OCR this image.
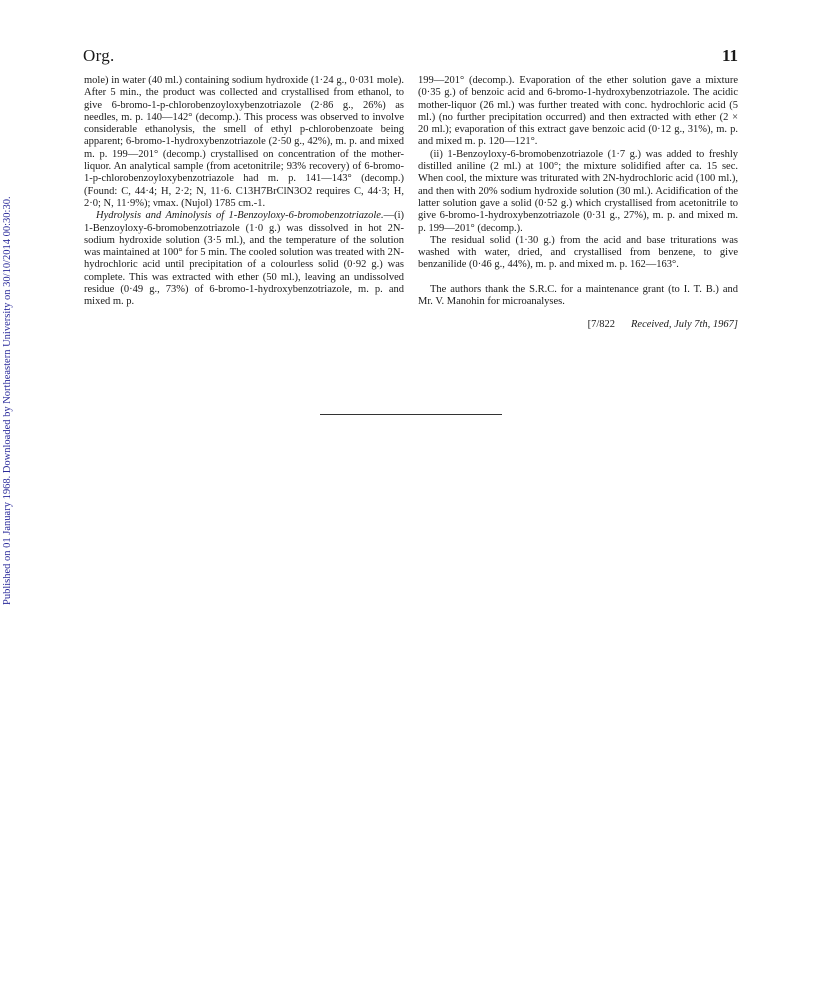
Published on 01 January 1968. Downloaded by Northeastern University on 30/10/2014 00:30:30.
Org.	11

mole) in water (40 ml.) containing sodium hydroxide (1·24 g., 0·031 mole). After 5 min., the product was collected and crystallised from ethanol, to give 6-bromo-1-p-chlorobenzoyloxybenzotriazole (2·86 g., 26%) as needles, m. p. 140—142° (decomp.). This process was observed to involve considerable ethanolysis, the smell of ethyl p-chlorobenzoate being apparent; 6-bromo-1-hydroxybenzotriazole (2·50 g., 42%), m. p. and mixed m. p. 199—201° (decomp.) crystallised on concentration of the mother-liquor. An analytical sample (from acetonitrile; 93% recovery) of 6-bromo-1-p-chlorobenzoyloxybenzotriazole had m. p. 141—143° (decomp.) (Found: C, 44·4; H, 2·2; N, 11·6. C13H7BrClN3O2 requires C, 44·3; H, 2·0; N, 11·9%); νmax. (Nujol) 1785 cm.-1.

Hydrolysis and Aminolysis of 1-Benzoyloxy-6-bromobenzotriazole.—(i) 1-Benzoyloxy-6-bromobenzotriazole (1·0 g.) was dissolved in hot 2N-sodium hydroxide solution (3·5 ml.), and the temperature of the solution was maintained at 100° for 5 min. The cooled solution was treated with 2N-hydrochloric acid until precipitation of a colourless solid (0·92 g.) was complete. This was extracted with ether (50 ml.), leaving an undissolved residue (0·49 g., 73%) of 6-bromo-1-hydroxybenzotriazole, m. p. and mixed m. p.

199—201° (decomp.). Evaporation of the ether solution gave a mixture (0·35 g.) of benzoic acid and 6-bromo-1-hydroxybenzotriazole. The acidic mother-liquor (26 ml.) was further treated with conc. hydrochloric acid (5 ml.) (no further precipitation occurred) and then extracted with ether (2 × 20 ml.); evaporation of this extract gave benzoic acid (0·12 g., 31%), m. p. and mixed m. p. 120—121°.

(ii) 1-Benzoyloxy-6-bromobenzotriazole (1·7 g.) was added to freshly distilled aniline (2 ml.) at 100°; the mixture solidified after ca. 15 sec. When cool, the mixture was triturated with 2N-hydrochloric acid (100 ml.), and then with 20% sodium hydroxide solution (30 ml.). Acidification of the latter solution gave a solid (0·52 g.) which crystallised from acetonitrile to give 6-bromo-1-hydroxybenzotriazole (0·31 g., 27%), m. p. and mixed m. p. 199—201° (decomp.).

The residual solid (1·30 g.) from the acid and base triturations was washed with water, dried, and crystallised from benzene, to give benzanilide (0·46 g., 44%), m. p. and mixed m. p. 162—163°.

The authors thank the S.R.C. for a maintenance grant (to I. T. B.) and Mr. V. Manohin for microanalyses.

[7/822 Received, July 7th, 1967]
